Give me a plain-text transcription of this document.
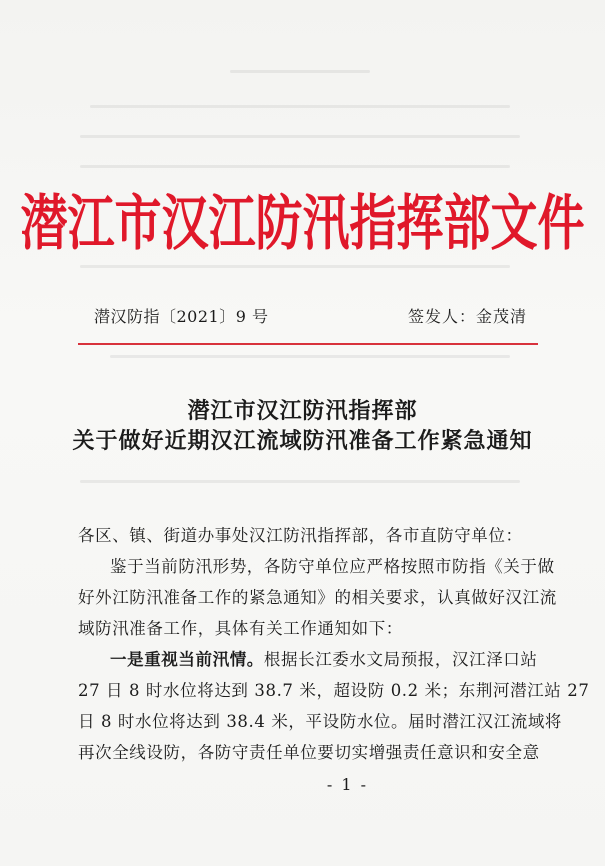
潜江市汉江防汛指挥部文件
潜汉防指〔2021〕9 号	签发人：金茂清
潜江市汉江防汛指挥部
关于做好近期汉江流域防汛准备工作紧急通知
各区、镇、街道办事处汉江防汛指挥部，各市直防守单位：
鉴于当前防汛形势，各防守单位应严格按照市防指《关于做
好外江防汛准备工作的紧急通知》的相关要求，认真做好汉江流
域防汛准备工作，具体有关工作通知如下：
一是重视当前汛情。根据长江委水文局预报，汉江泽口站
27 日 8 时水位将达到 38.7 米，超设防 0.2 米；东荆河潜江站 27
日 8 时水位将达到 38.4 米，平设防水位。届时潜江汉江流域将
再次全线设防，各防守责任单位要切实增强责任意识和安全意
- 1 -
